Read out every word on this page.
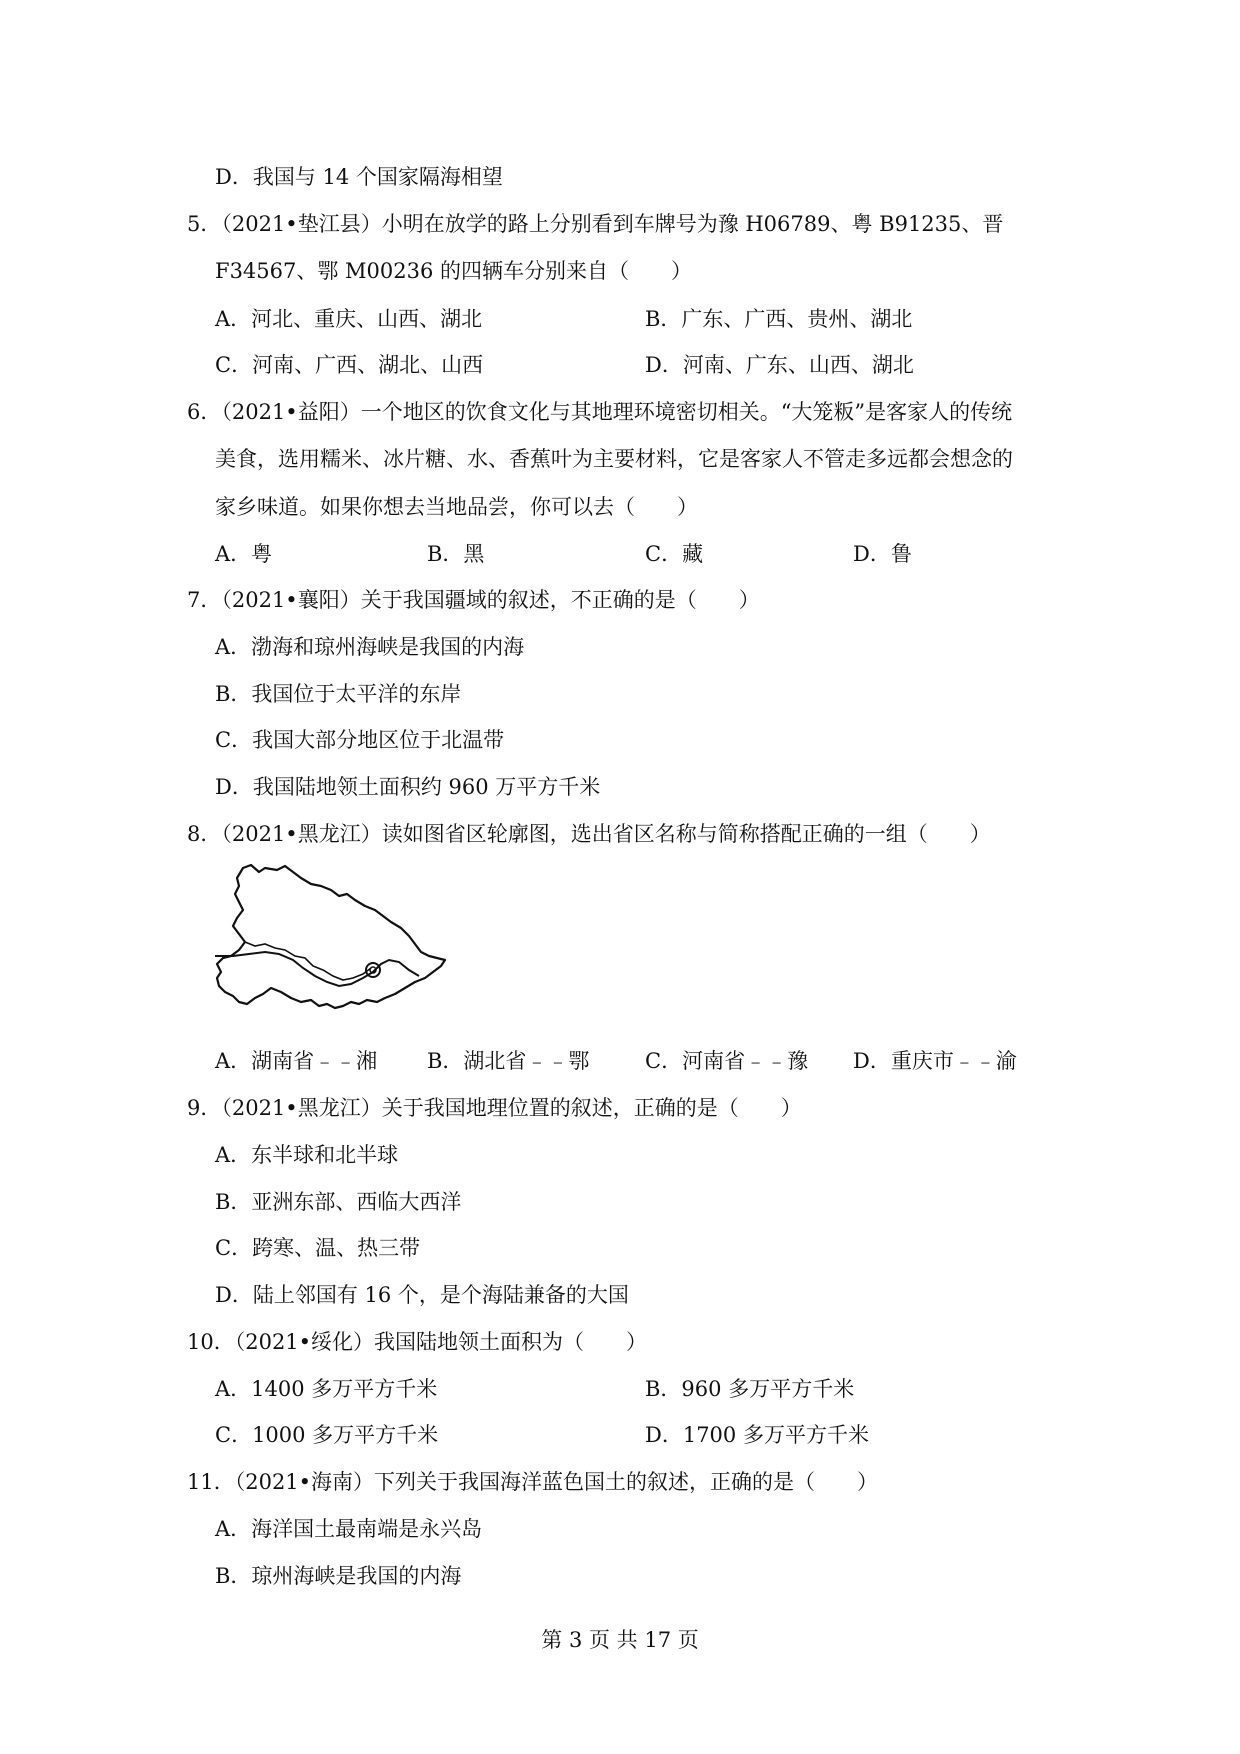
D．我国与 14 个国家隔海相望
5．（2021•垫江县）小明在放学的路上分别看到车牌号为豫 H06789、粤 B91235、晋
F34567、鄂 M00236 的四辆车分别来自（　　）
A．河北、重庆、山西、湖北	B．广东、广西、贵州、湖北
C．河南、广西、湖北、山西	D．河南、广东、山西、湖北
6．（2021•益阳）一个地区的饮食文化与其地理环境密切相关。“大笼粄”是客家人的传统
美食，选用糯米、冰片糖、水、香蕉叶为主要材料，它是客家人不管走多远都会想念的
家乡味道。如果你想去当地品尝，你可以去（　　）
A．粤	B．黑	C．藏	D．鲁
7．（2021•襄阳）关于我国疆域的叙述，不正确的是（　　）
A．渤海和琼州海峡是我国的内海
B．我国位于太平洋的东岸
C．我国大部分地区位于北温带
D．我国陆地领土面积约 960 万平方千米
8．（2021•黑龙江）读如图省区轮廓图，选出省区名称与简称搭配正确的一组（　　）
A．湖南省﹣﹣湘 B．湖北省﹣﹣鄂	C．河南省﹣﹣豫 D．重庆市﹣﹣渝
9．（2021•黑龙江）关于我国地理位置的叙述，正确的是（　　）
A．东半球和北半球
B．亚洲东部、西临大西洋
C．跨寒、温、热三带
D．陆上邻国有 16 个，是个海陆兼备的大国
10．（2021•绥化）我国陆地领土面积为（　　）
A．1400 多万平方千米	B．960 多万平方千米
C．1000 多万平方千米	D．1700 多万平方千米
11．（2021•海南）下列关于我国海洋蓝色国土的叙述，正确的是（　　）
A．海洋国土最南端是永兴岛
B．琼州海峡是我国的内海
第 3 页 共 17 页
